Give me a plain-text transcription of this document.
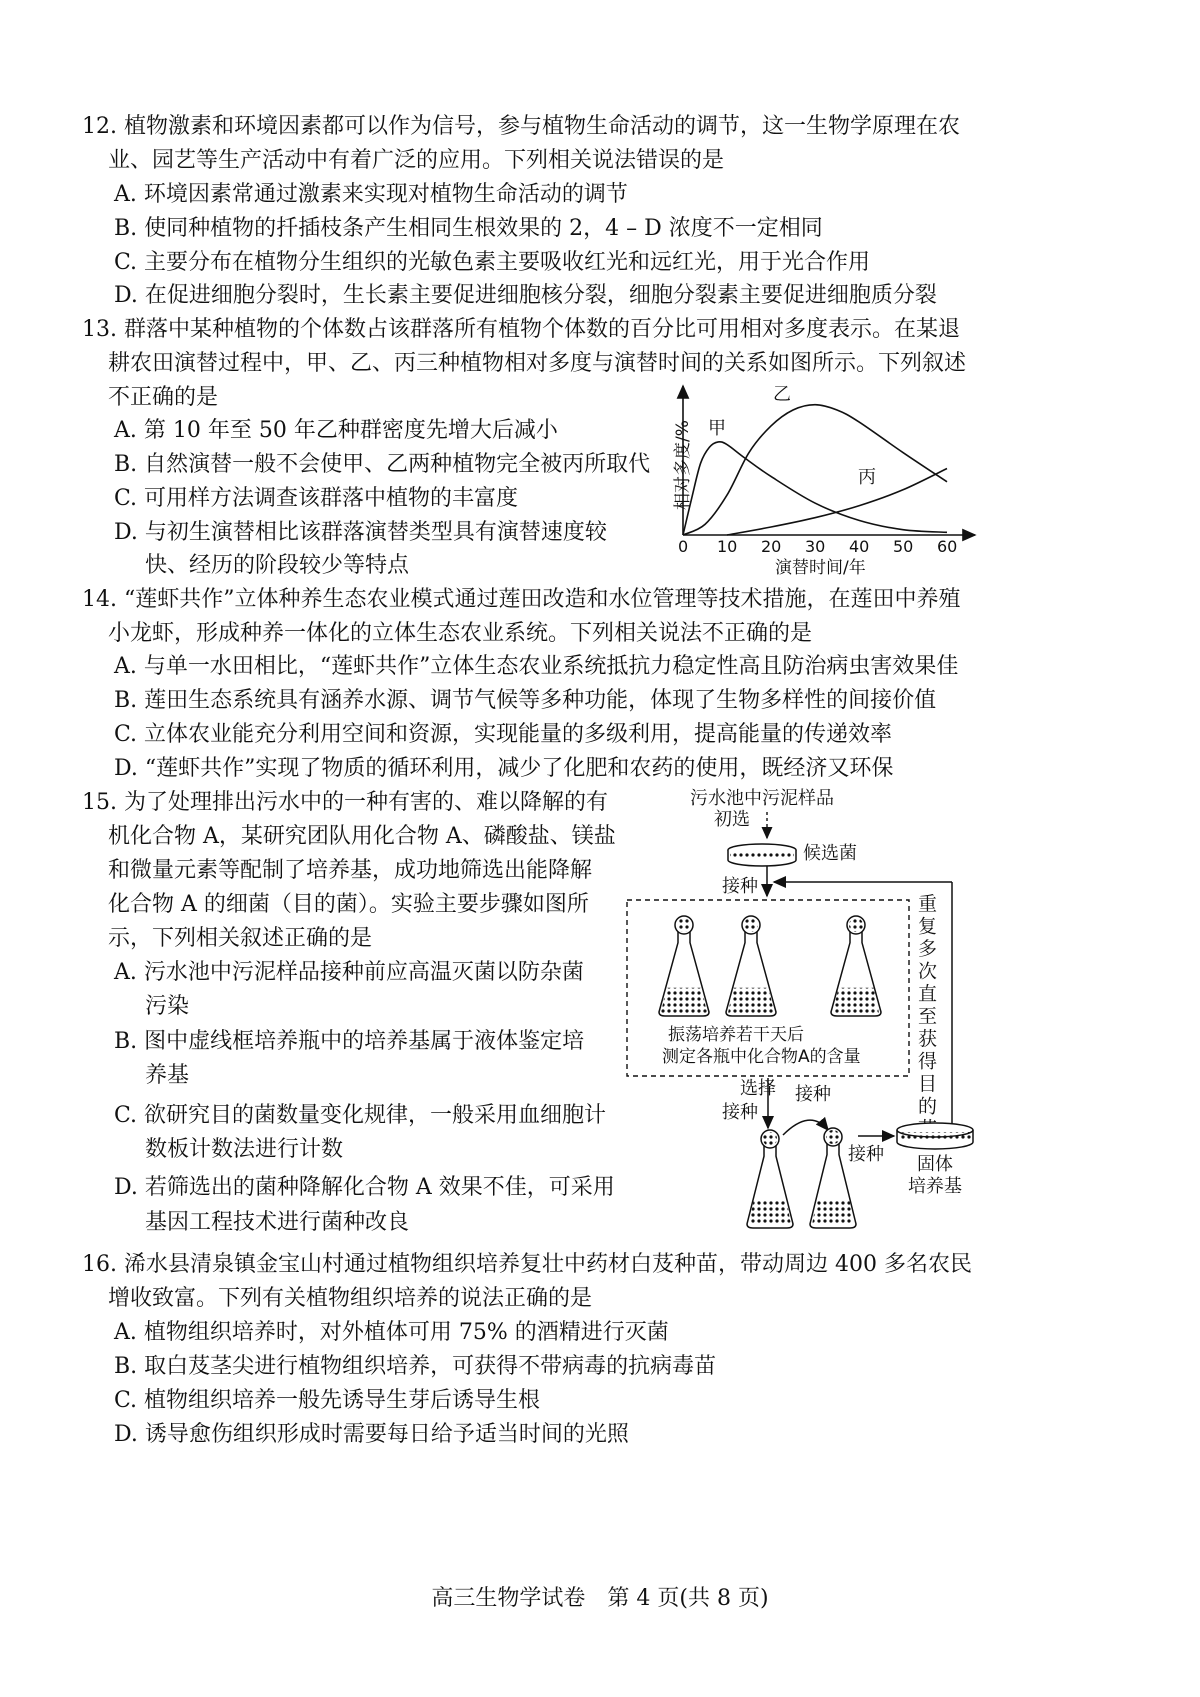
12. 植物激素和环境因素都可以作为信号，参与植物生命活动的调节，这一生物学原理在农
业、园艺等生产活动中有着广泛的应用。下列相关说法错误的是
A. 环境因素常通过激素来实现对植物生命活动的调节
B. 使同种植物的扦插枝条产生相同生根效果的 2，4 – D 浓度不一定相同
C. 主要分布在植物分生组织的光敏色素主要吸收红光和远红光，用于光合作用
D. 在促进细胞分裂时，生长素主要促进细胞核分裂，细胞分裂素主要促进细胞质分裂
13. 群落中某种植物的个体数占该群落所有植物个体数的百分比可用相对多度表示。在某退
耕农田演替过程中，甲、乙、丙三种植物相对多度与演替时间的关系如图所示。下列叙述
不正确的是
A. 第 10 年至 50 年乙种群密度先增大后减小
B. 自然演替一般不会使甲、乙两种植物完全被丙所取代
C. 可用样方法调查该群落中植物的丰富度
D. 与初生演替相比该群落演替类型具有演替速度较
快、经历的阶段较少等特点
相对多度/%
0 10 20 30 40 50 60
演替时间/年
甲
乙
丙
14. “莲虾共作”立体种养生态农业模式通过莲田改造和水位管理等技术措施，在莲田中养殖
小龙虾，形成种养一体化的立体生态农业系统。下列相关说法不正确的是
A. 与单一水田相比，“莲虾共作”立体生态农业系统抵抗力稳定性高且防治病虫害效果佳
B. 莲田生态系统具有涵养水源、调节气候等多种功能，体现了生物多样性的间接价值
C. 立体农业能充分利用空间和资源，实现能量的多级利用，提高能量的传递效率
D. “莲虾共作”实现了物质的循环利用，减少了化肥和农药的使用，既经济又环保
15. 为了处理排出污水中的一种有害的、难以降解的有
机化合物 A，某研究团队用化合物 A、磷酸盐、镁盐
和微量元素等配制了培养基，成功地筛选出能降解
化合物 A 的细菌（目的菌）。实验主要步骤如图所
示，下列相关叙述正确的是
A. 污水池中污泥样品接种前应高温灭菌以防杂菌
污染
B. 图中虚线框培养瓶中的培养基属于液体鉴定培
养基
C. 欲研究目的菌数量变化规律，一般采用血细胞计
数板计数法进行计数
D. 若筛选出的菌种降解化合物 A 效果不佳，可采用
基因工程技术进行菌种改良
污水池中污泥样品
初选
候选菌
接种
振荡培养若干天后
测定各瓶中化合物A的含量
重
复
多
次
直
至
获
得
目
的
选择
接种
接种
接种 固体
培养基
16. 浠水县清泉镇金宝山村通过植物组织培养复壮中药材白芨种苗，带动周边 400 多名农民
增收致富。下列有关植物组织培养的说法正确的是
A. 植物组织培养时，对外植体可用 75% 的酒精进行灭菌
B. 取白芨茎尖进行植物组织培养，可获得不带病毒的抗病毒苗
C. 植物组织培养一般先诱导生芽后诱导生根
D. 诱导愈伤组织形成时需要每日给予适当时间的光照
高三生物学试卷　第 4 页(共 8 页)
